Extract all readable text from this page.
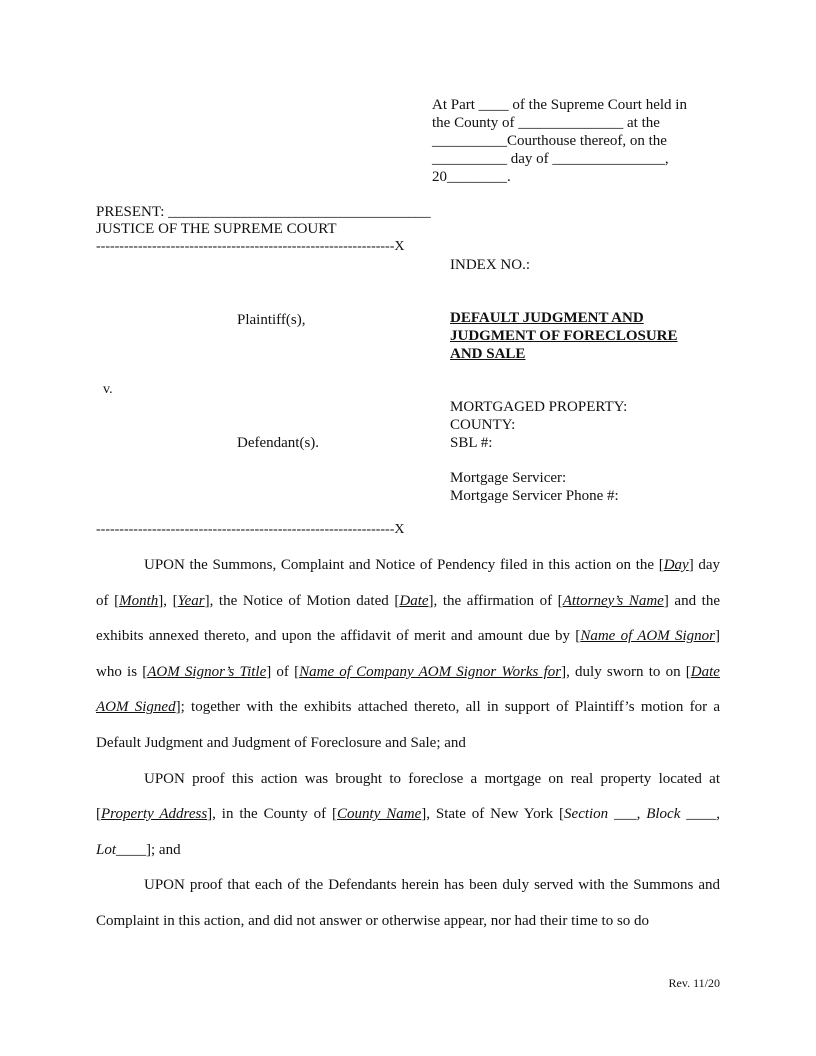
At Part ____ of the Supreme Court held in
the County of ______________ at the
__________Courthouse thereof, on the
__________ day of _______________,
20________.
PRESENT: ___________________________________
JUSTICE OF THE SUPREME COURT
----------------------------------------------------------------X
INDEX NO.:
Plaintiff(s),	DEFAULT JUDGMENT AND
JUDGMENT OF FORECLOSURE
AND SALE
v.
MORTGAGED PROPERTY:
COUNTY:
SBL #:
Defendant(s).
Mortgage Servicer:
Mortgage Servicer Phone #:
----------------------------------------------------------------X

UPON the Summons, Complaint and Notice of Pendency filed in this action on the [Day] day of [Month], [Year], the Notice of Motion dated [Date], the affirmation of [Attorney’s Name] and the exhibits annexed thereto, and upon the affidavit of merit and amount due by [Name of AOM Signor] who is [AOM Signor’s Title] of [Name of Company AOM Signor Works for], duly sworn to on [Date AOM Signed]; together with the exhibits attached thereto, all in support of Plaintiff’s motion for a Default Judgment and Judgment of Foreclosure and Sale; and

UPON proof this action was brought to foreclose a mortgage on real property located at [Property Address], in the County of [County Name], State of New York [Section ___, Block ____, Lot____]; and

UPON proof that each of the Defendants herein has been duly served with the Summons and Complaint in this action, and did not answer or otherwise appear, nor had their time to so do

Rev. 11/20
